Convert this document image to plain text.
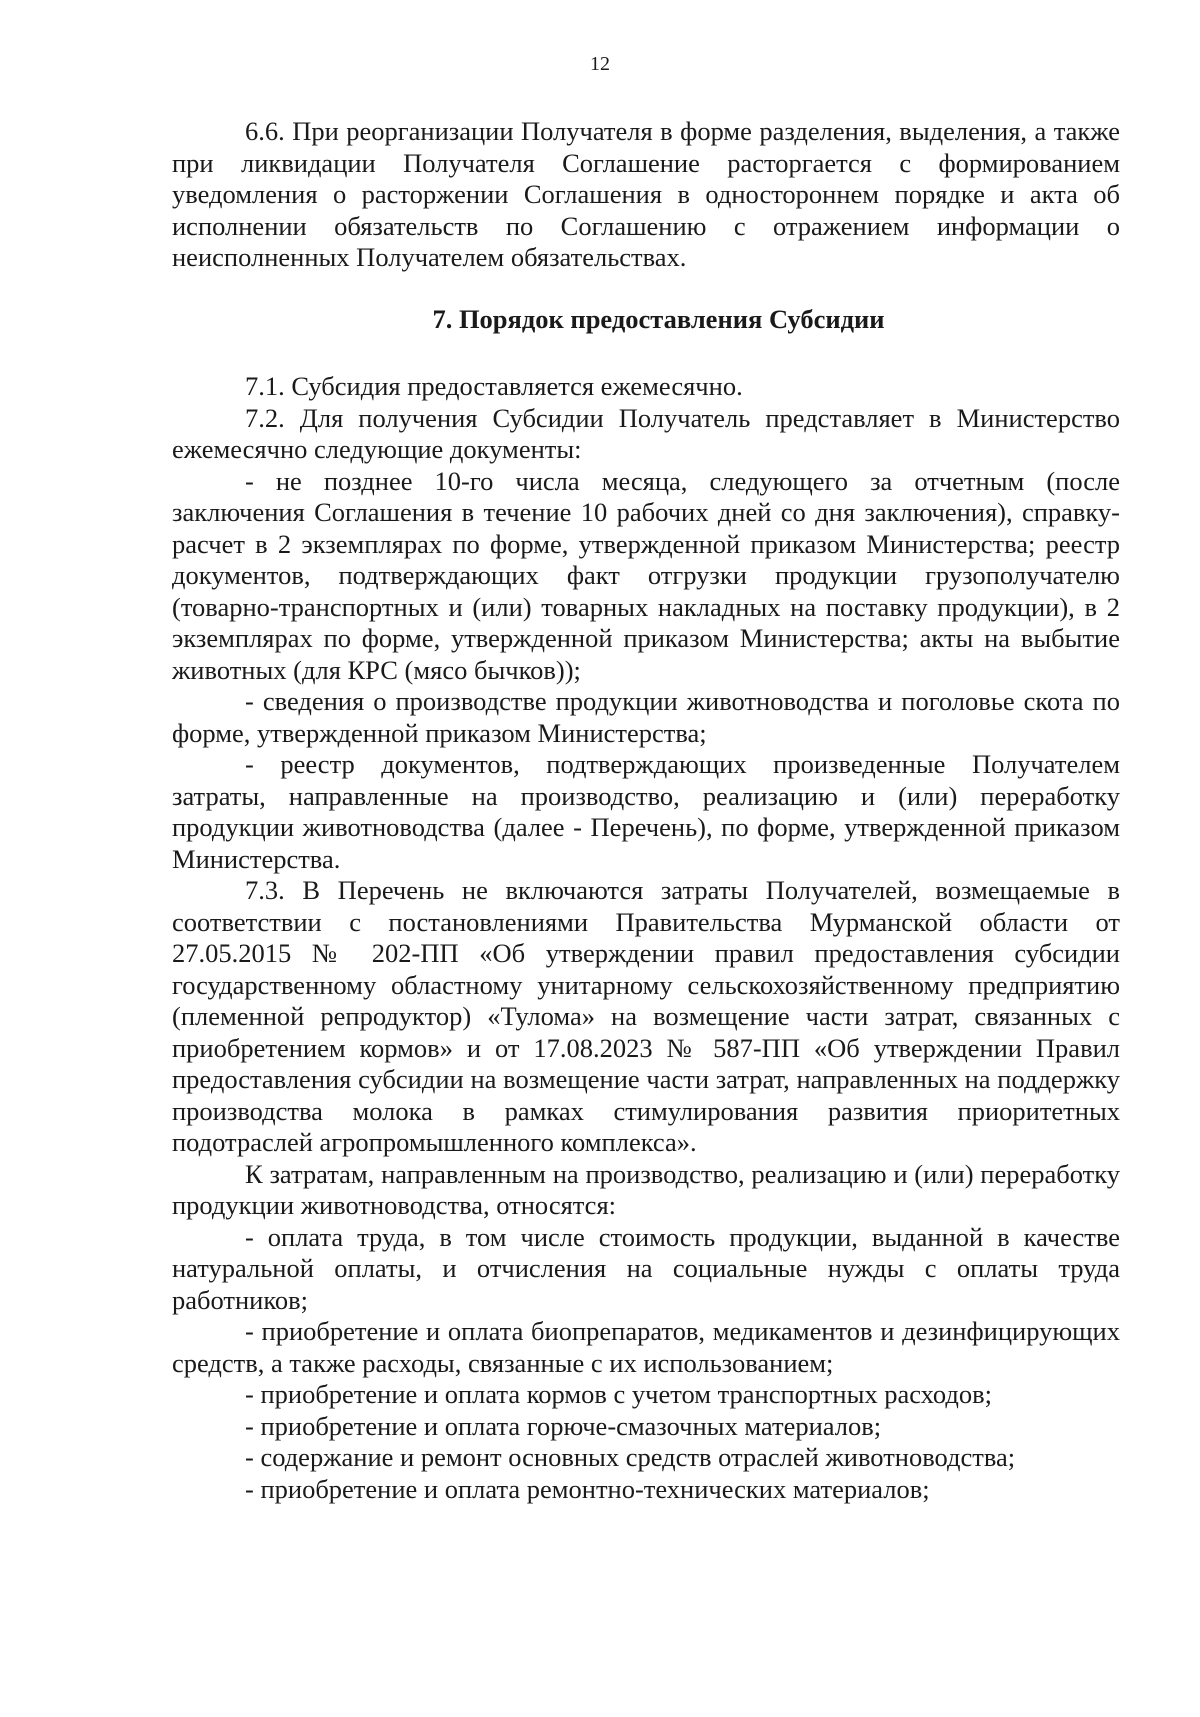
12

6.6. При реорганизации Получателя в форме разделения, выделения, а также при ликвидации Получателя Соглашение расторгается с формированием уведомления о расторжении Соглашения в одностороннем порядке и акта об исполнении обязательств по Соглашению с отражением информации о неисполненных Получателем обязательствах.

7. Порядок предоставления Субсидии

7.1. Субсидия предоставляется ежемесячно.

7.2. Для получения Субсидии Получатель представляет в Министерство ежемесячно следующие документы:

- не позднее 10-го числа месяца, следующего за отчетным (после заключения Соглашения в течение 10 рабочих дней со дня заключения), справку-расчет в 2 экземплярах по форме, утвержденной приказом Министерства; реестр документов, подтверждающих факт отгрузки продукции грузополучателю (товарно-транспортных и (или) товарных накладных на поставку продукции), в 2 экземплярах по форме, утвержденной приказом Министерства; акты на выбытие животных (для КРС (мясо бычков));

- сведения о производстве продукции животноводства и поголовье скота по форме, утвержденной приказом Министерства;

- реестр документов, подтверждающих произведенные Получателем затраты, направленные на производство, реализацию и (или) переработку продукции животноводства (далее - Перечень), по форме, утвержденной приказом Министерства.

7.3. В Перечень не включаются затраты Получателей, возмещаемые в соответствии с постановлениями Правительства Мурманской области от 27.05.2015 № 202-ПП «Об утверждении правил предоставления субсидии государственному областному унитарному сельскохозяйственному предприятию (племенной репродуктор) «Тулома» на возмещение части затрат, связанных с приобретением кормов» и от 17.08.2023 № 587-ПП «Об утверждении Правил предоставления субсидии на возмещение части затрат, направленных на поддержку производства молока в рамках стимулирования развития приоритетных подотраслей агропромышленного комплекса».

К затратам, направленным на производство, реализацию и (или) переработку продукции животноводства, относятся:

- оплата труда, в том числе стоимость продукции, выданной в качестве натуральной оплаты, и отчисления на социальные нужды с оплаты труда работников;

- приобретение и оплата биопрепаратов, медикаментов и дезинфицирующих средств, а также расходы, связанные с их использованием;

- приобретение и оплата кормов с учетом транспортных расходов;

- приобретение и оплата горюче-смазочных материалов;

- содержание и ремонт основных средств отраслей животноводства;

- приобретение и оплата ремонтно-технических материалов;
